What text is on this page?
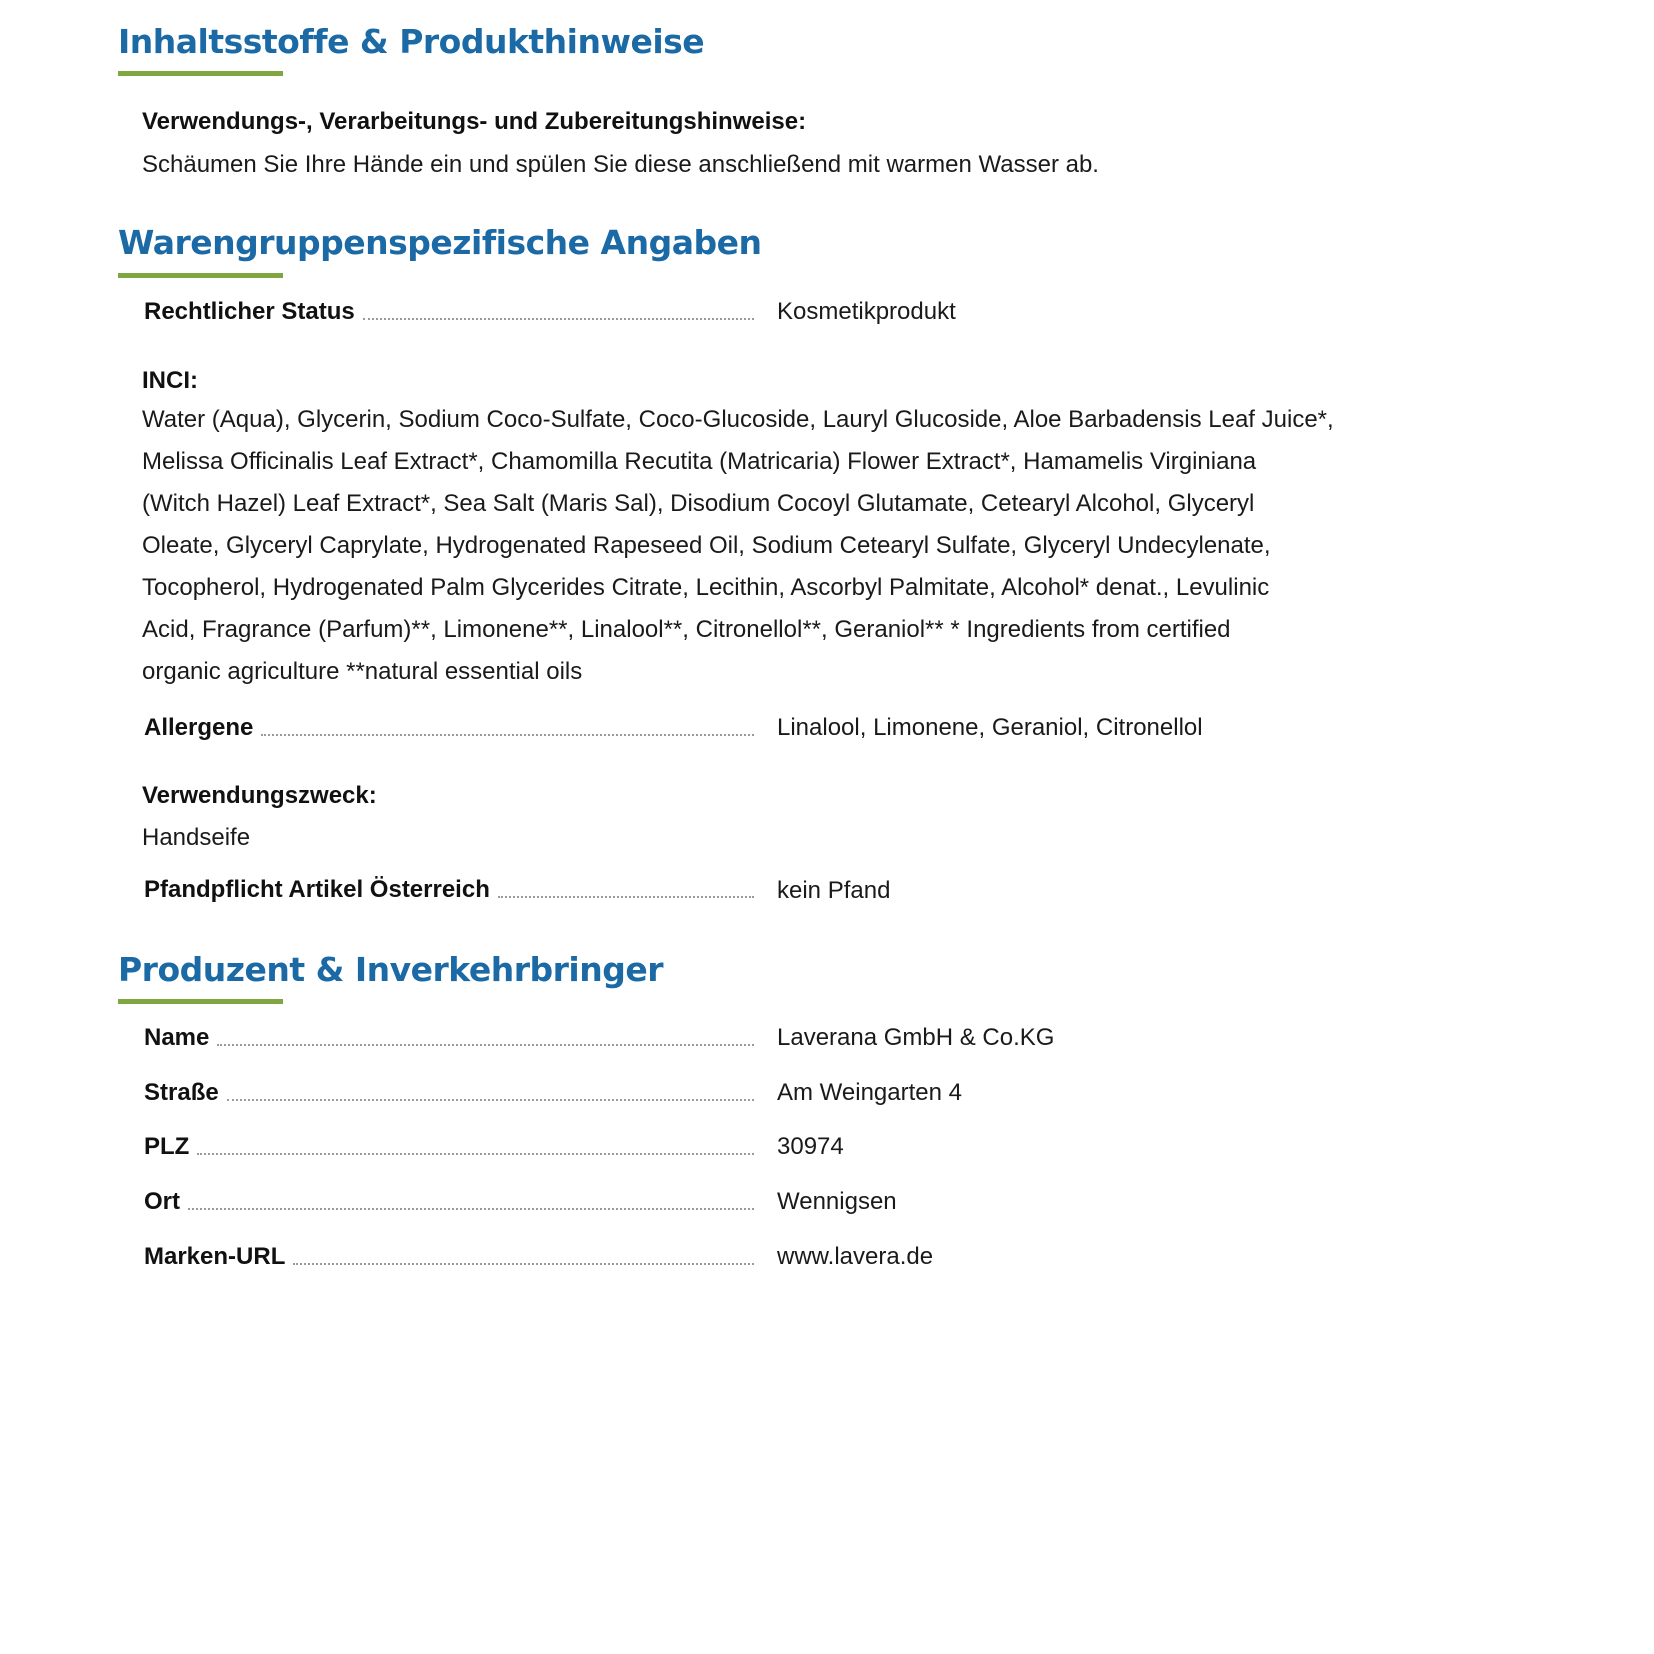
Inhaltsstoffe & Produkthinweise
Verwendungs-, Verarbeitungs- und Zubereitungshinweise:
Schäumen Sie Ihre Hände ein und spülen Sie diese anschließend mit warmen Wasser ab.
Warengruppenspezifische Angaben
Rechtlicher Status	Kosmetikprodukt
INCI:
Water (Aqua), Glycerin, Sodium Coco-Sulfate, Coco-Glucoside, Lauryl Glucoside, Aloe Barbadensis Leaf Juice*,
Melissa Officinalis Leaf Extract*, Chamomilla Recutita (Matricaria) Flower Extract*, Hamamelis Virginiana
(Witch Hazel) Leaf Extract*, Sea Salt (Maris Sal), Disodium Cocoyl Glutamate, Cetearyl Alcohol, Glyceryl
Oleate, Glyceryl Caprylate, Hydrogenated Rapeseed Oil, Sodium Cetearyl Sulfate, Glyceryl Undecylenate,
Tocopherol, Hydrogenated Palm Glycerides Citrate, Lecithin, Ascorbyl Palmitate, Alcohol* denat., Levulinic
Acid, Fragrance (Parfum)**, Limonene**, Linalool**, Citronellol**, Geraniol** * Ingredients from certified
organic agriculture **natural essential oils
Allergene	Linalool, Limonene, Geraniol, Citronellol
Verwendungszweck:
Handseife
Pfandpflicht Artikel Österreich	kein Pfand
Produzent & Inverkehrbringer
Name	Laverana GmbH & Co.KG
Straße	Am Weingarten 4
PLZ	30974
Ort	Wennigsen
Marken-URL	www.lavera.de
